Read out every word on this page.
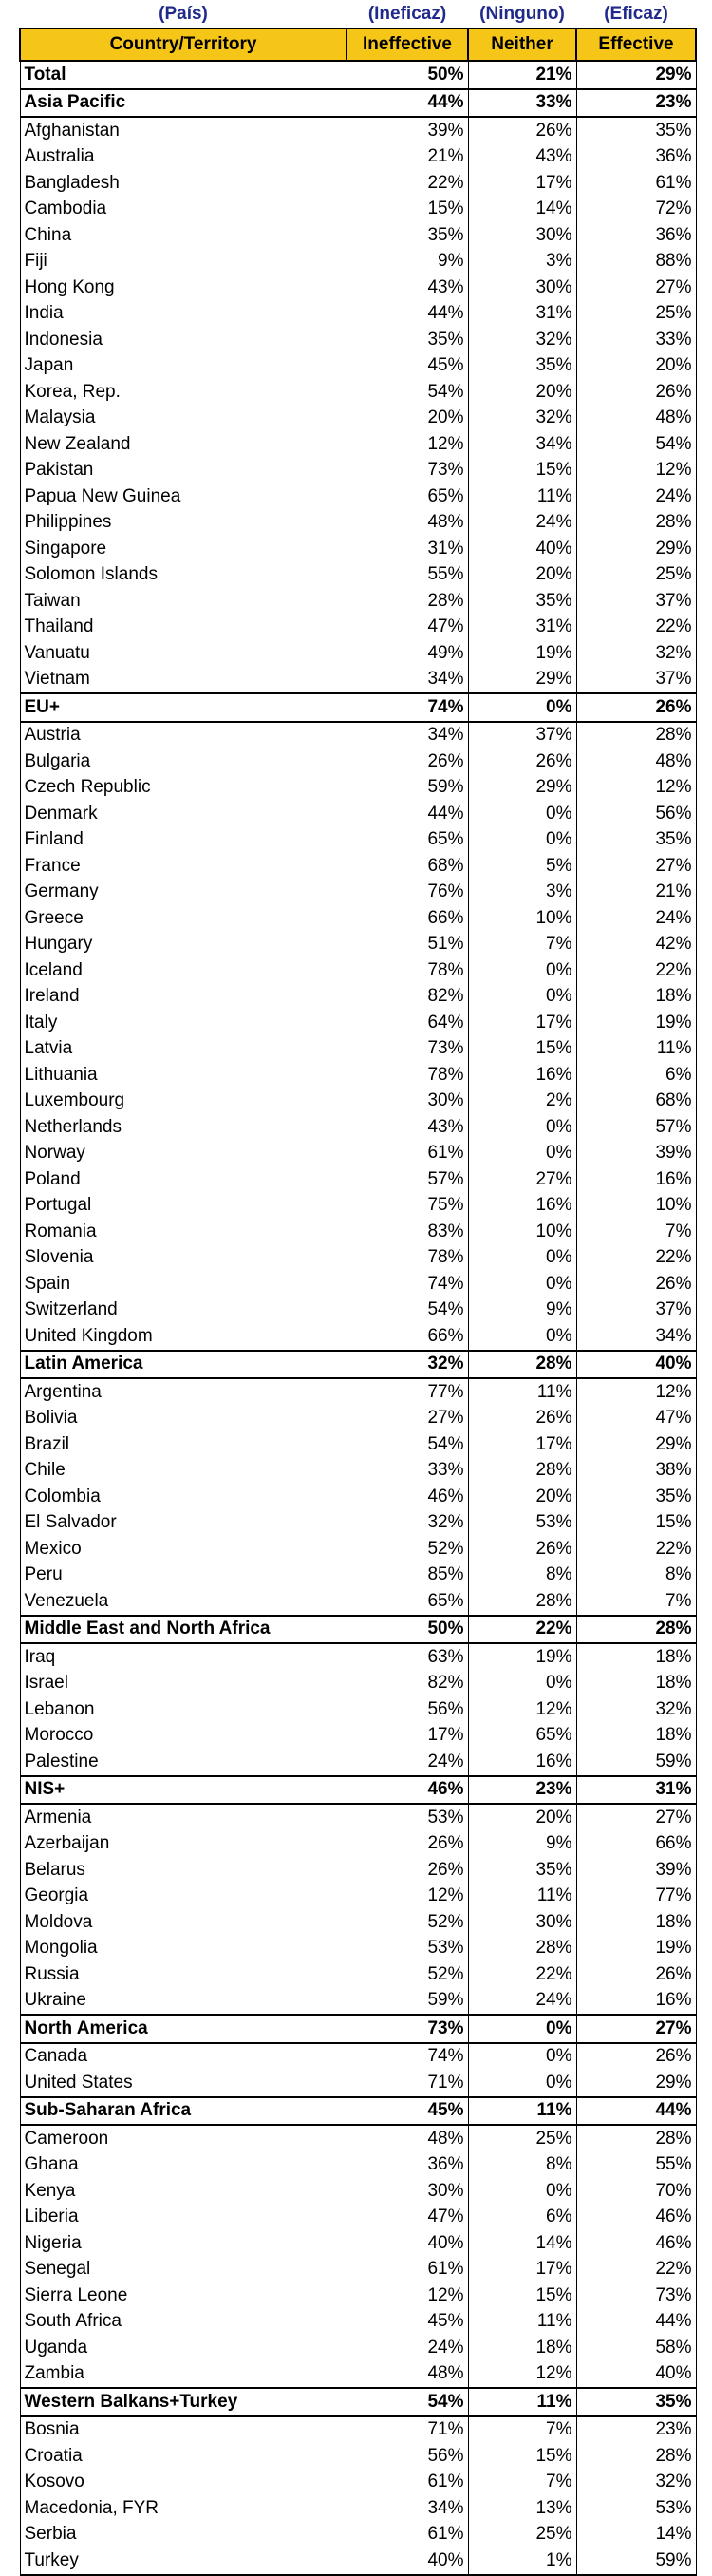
(País)	(Ineficaz)	(Ninguno)	(Eficaz)
Country/Territory	Ineffective	Neither	Effective
Total	50%	21%	29%
Asia Pacific	44%	33%	23%
Afghanistan	39%	26%	35%
Australia	21%	43%	36%
Bangladesh	22%	17%	61%
Cambodia	15%	14%	72%
China	35%	30%	36%
Fiji	9%	3%	88%
Hong Kong	43%	30%	27%
India	44%	31%	25%
Indonesia	35%	32%	33%
Japan	45%	35%	20%
Korea, Rep.	54%	20%	26%
Malaysia	20%	32%	48%
New Zealand	12%	34%	54%
Pakistan	73%	15%	12%
Papua New Guinea	65%	11%	24%
Philippines	48%	24%	28%
Singapore	31%	40%	29%
Solomon Islands	55%	20%	25%
Taiwan	28%	35%	37%
Thailand	47%	31%	22%
Vanuatu	49%	19%	32%
Vietnam	34%	29%	37%
EU+	74%	0%	26%
Austria	34%	37%	28%
Bulgaria	26%	26%	48%
Czech Republic	59%	29%	12%
Denmark	44%	0%	56%
Finland	65%	0%	35%
France	68%	5%	27%
Germany	76%	3%	21%
Greece	66%	10%	24%
Hungary	51%	7%	42%
Iceland	78%	0%	22%
Ireland	82%	0%	18%
Italy	64%	17%	19%
Latvia	73%	15%	11%
Lithuania	78%	16%	6%
Luxembourg	30%	2%	68%
Netherlands	43%	0%	57%
Norway	61%	0%	39%
Poland	57%	27%	16%
Portugal	75%	16%	10%
Romania	83%	10%	7%
Slovenia	78%	0%	22%
Spain	74%	0%	26%
Switzerland	54%	9%	37%
United Kingdom	66%	0%	34%
Latin America	32%	28%	40%
Argentina	77%	11%	12%
Bolivia	27%	26%	47%
Brazil	54%	17%	29%
Chile	33%	28%	38%
Colombia	46%	20%	35%
El Salvador	32%	53%	15%
Mexico	52%	26%	22%
Peru	85%	8%	8%
Venezuela	65%	28%	7%
Middle East and North Africa	50%	22%	28%
Iraq	63%	19%	18%
Israel	82%	0%	18%
Lebanon	56%	12%	32%
Morocco	17%	65%	18%
Palestine	24%	16%	59%
NIS+	46%	23%	31%
Armenia	53%	20%	27%
Azerbaijan	26%	9%	66%
Belarus	26%	35%	39%
Georgia	12%	11%	77%
Moldova	52%	30%	18%
Mongolia	53%	28%	19%
Russia	52%	22%	26%
Ukraine	59%	24%	16%
North America	73%	0%	27%
Canada	74%	0%	26%
United States	71%	0%	29%
Sub-Saharan Africa	45%	11%	44%
Cameroon	48%	25%	28%
Ghana	36%	8%	55%
Kenya	30%	0%	70%
Liberia	47%	6%	46%
Nigeria	40%	14%	46%
Senegal	61%	17%	22%
Sierra Leone	12%	15%	73%
South Africa	45%	11%	44%
Uganda	24%	18%	58%
Zambia	48%	12%	40%
Western Balkans+Turkey	54%	11%	35%
Bosnia	71%	7%	23%
Croatia	56%	15%	28%
Kosovo	61%	7%	32%
Macedonia, FYR	34%	13%	53%
Serbia	61%	25%	14%
Turkey	40%	1%	59%
